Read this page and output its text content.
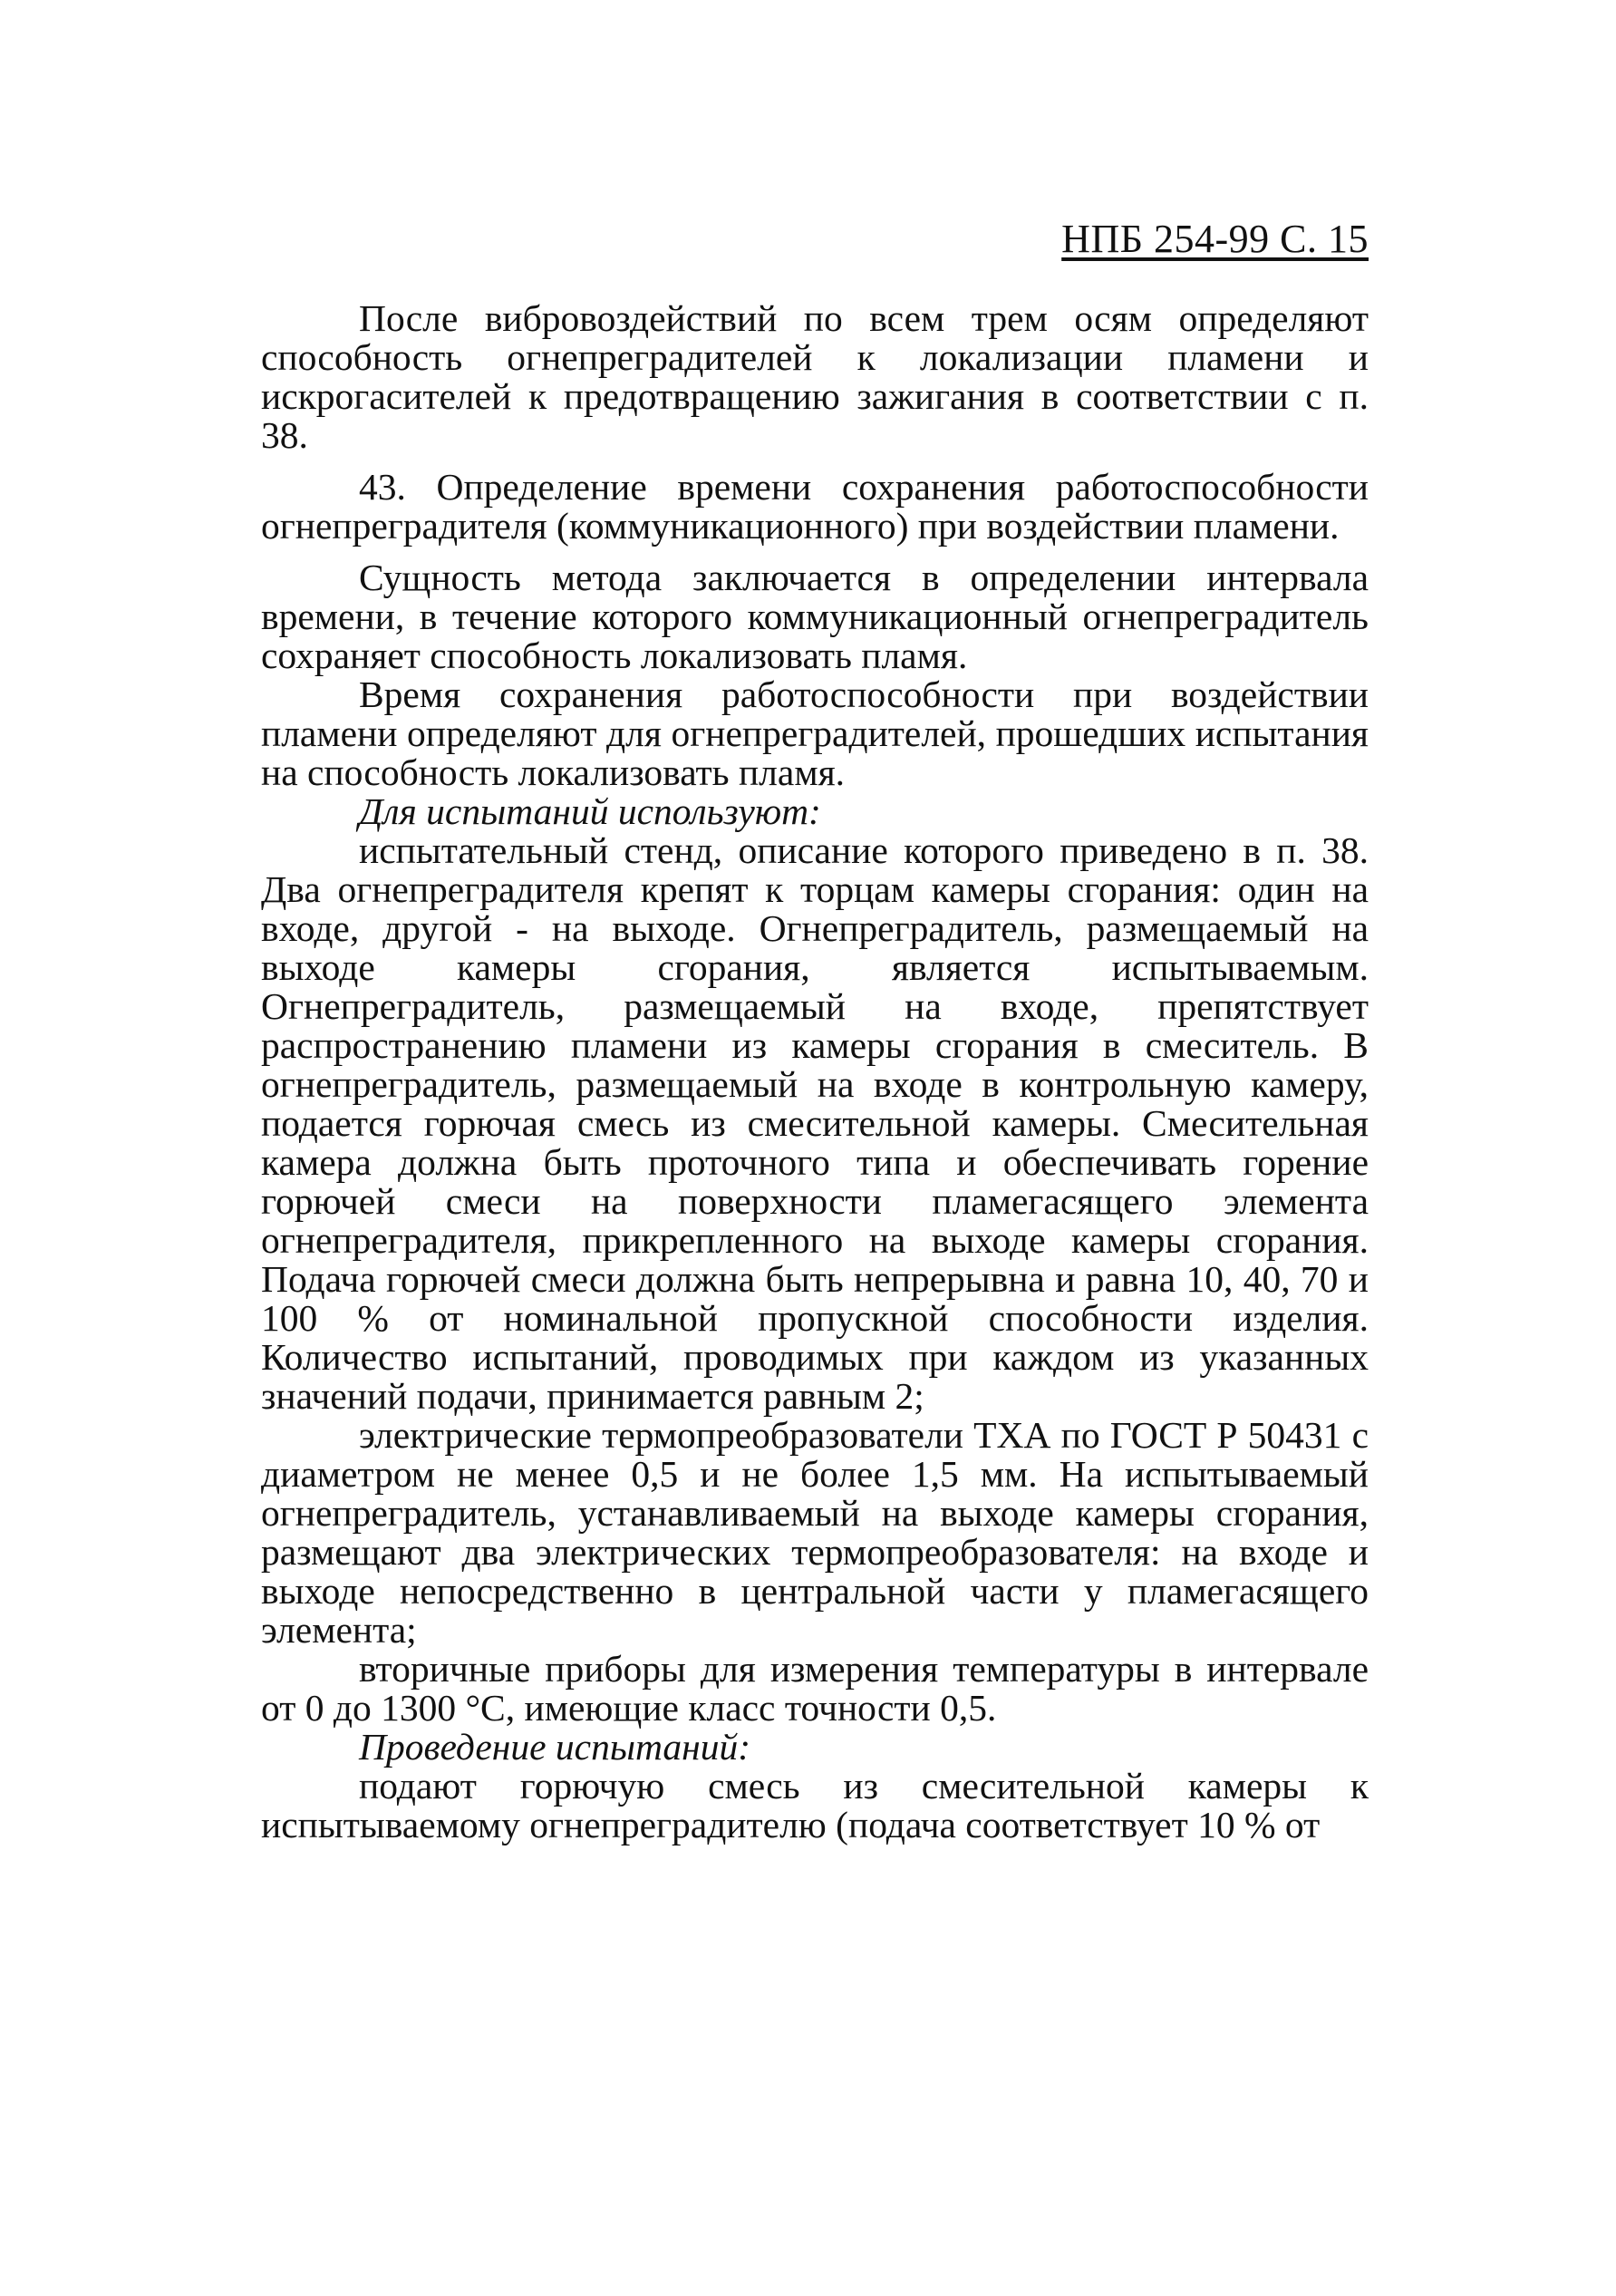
НПБ 254-99 С. 15

После вибровоздействий по всем трем осям определяют способность огнепреградителей к локализации пламени и искрогасителей к предотвращению зажигания в соответствии с п. 38.

43. Определение времени сохранения работоспособности огнепреградителя (коммуникационного) при воздействии пламени.

Сущность метода заключается в определении интервала времени, в течение которого коммуникационный огнепреградитель сохраняет способность локализовать пламя.

Время сохранения работоспособности при воздействии пламени определяют для огнепреградителей, прошедших испытания на способность локализовать пламя.

Для испытаний используют:

испытательный стенд, описание которого приведено в п. 38. Два огнепреградителя крепят к торцам камеры сгорания: один на входе, другой - на выходе. Огнепреградитель, размещаемый на выходе камеры сгорания, является испытываемым. Огнепреградитель, размещаемый на входе, препятствует распространению пламени из камеры сгорания в смеситель. В огнепреградитель, размещаемый на входе в контрольную камеру, подается горючая смесь из смесительной камеры. Смесительная камера должна быть проточного типа и обеспечивать горение горючей смеси на поверхности пламегасящего элемента огнепреградителя, прикрепленного на выходе камеры сгорания. Подача горючей смеси должна быть непрерывна и равна 10, 40, 70 и 100 % от номинальной пропускной способности изделия. Количество испытаний, проводимых при каждом из указанных значений подачи, принимается равным 2;

электрические термопреобразователи ТХА по ГОСТ Р 50431 с диаметром не менее 0,5 и не более 1,5 мм. На испытываемый огнепреградитель, устанавливаемый на выходе камеры сгорания, размещают два электрических термопреобразователя: на входе и выходе непосредственно в центральной части у пламегасящего элемента;

вторичные приборы для измерения температуры в интервале от 0 до 1300 °С, имеющие класс точности 0,5.

Проведение испытаний:

подают горючую смесь из смесительной камеры к испытываемому огнепреградителю (подача соответствует 10 % от
